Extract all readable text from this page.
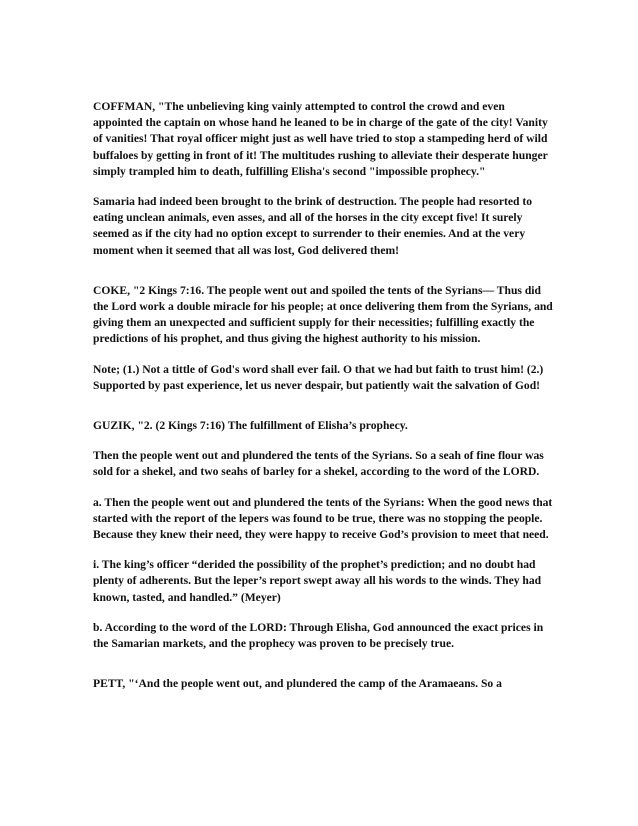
COFFMAN, "The unbelieving king vainly attempted to control the crowd and even appointed the captain on whose hand he leaned to be in charge of the gate of the city! Vanity of vanities! That royal officer might just as well have tried to stop a stampeding herd of wild buffaloes by getting in front of it! The multitudes rushing to alleviate their desperate hunger simply trampled him to death, fulfilling Elisha's second "impossible prophecy."

Samaria had indeed been brought to the brink of destruction. The people had resorted to eating unclean animals, even asses, and all of the horses in the city except five! It surely seemed as if the city had no option except to surrender to their enemies. And at the very moment when it seemed that all was lost, God delivered them!

COKE, "2 Kings 7:16. The people went out and spoiled the tents of the Syrians— Thus did the Lord work a double miracle for his people; at once delivering them from the Syrians, and giving them an unexpected and sufficient supply for their necessities; fulfilling exactly the predictions of his prophet, and thus giving the highest authority to his mission.

Note; (1.) Not a tittle of God's word shall ever fail. O that we had but faith to trust him! (2.) Supported by past experience, let us never despair, but patiently wait the salvation of God!

GUZIK, "2. (2 Kings 7:16) The fulfillment of Elisha’s prophecy.

Then the people went out and plundered the tents of the Syrians. So a seah of fine flour was sold for a shekel, and two seahs of barley for a shekel, according to the word of the LORD.

a. Then the people went out and plundered the tents of the Syrians: When the good news that started with the report of the lepers was found to be true, there was no stopping the people. Because they knew their need, they were happy to receive God’s provision to meet that need.

i. The king’s officer “derided the possibility of the prophet’s prediction; and no doubt had plenty of adherents. But the leper’s report swept away all his words to the winds. They had known, tasted, and handled.” (Meyer)

b. According to the word of the LORD: Through Elisha, God announced the exact prices in the Samarian markets, and the prophecy was proven to be precisely true.

PETT, "‘And the people went out, and plundered the camp of the Aramaeans. So a
